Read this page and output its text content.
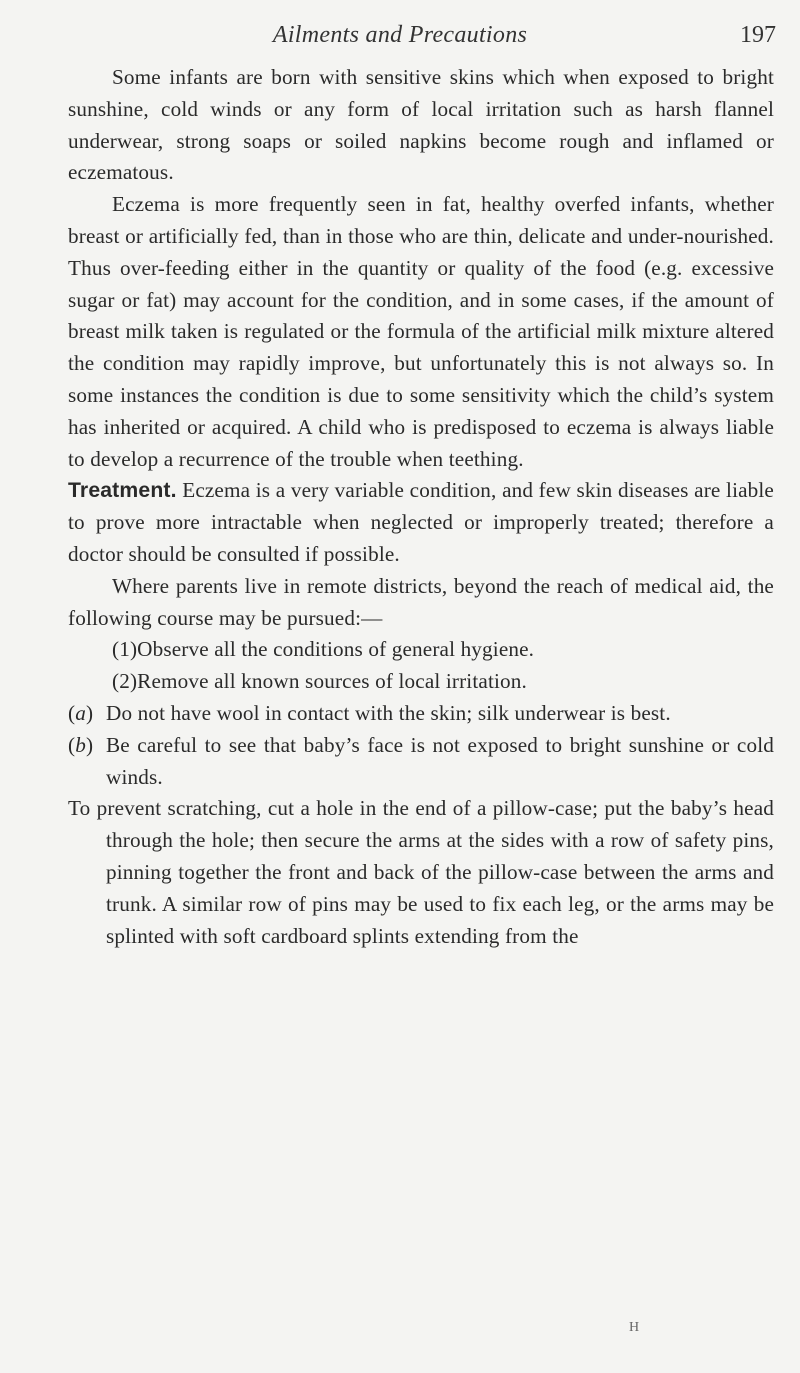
Ailments and Precautions	197

Some infants are born with sensitive skins which when exposed to bright sunshine, cold winds or any form of local irritation such as harsh flannel underwear, strong soaps or soiled napkins become rough and inflamed or eczematous.

Eczema is more frequently seen in fat, healthy overfed infants, whether breast or artificially fed, than in those who are thin, delicate and under-nourished. Thus over-feeding either in the quantity or quality of the food (e.g. excessive sugar or fat) may account for the condition, and in some cases, if the amount of breast milk taken is regulated or the formula of the artificial milk mixture altered the condition may rapidly improve, but unfortunately this is not always so. In some instances the condition is due to some sensitivity which the child’s system has inherited or acquired. A child who is predisposed to eczema is always liable to develop a recurrence of the trouble when teething.

Treatment. Eczema is a very variable condition, and few skin diseases are liable to prove more intractable when neglected or improperly treated; therefore a doctor should be consulted if possible.

Where parents live in remote districts, beyond the reach of medical aid, the following course may be pursued:—

(1)Observe all the conditions of general hygiene.

(2)Remove all known sources of local irritation.

(a) Do not have wool in contact with the skin; silk underwear is best.

(b) Be careful to see that baby’s face is not exposed to bright sunshine or cold winds.

To prevent scratching, cut a hole in the end of a pillow-case; put the baby’s head through the hole; then secure the arms at the sides with a row of safety pins, pinning together the front and back of the pillow-case between the arms and trunk. A similar row of pins may be used to fix each leg, or the arms may be splinted with soft cardboard splints extending from the

H
